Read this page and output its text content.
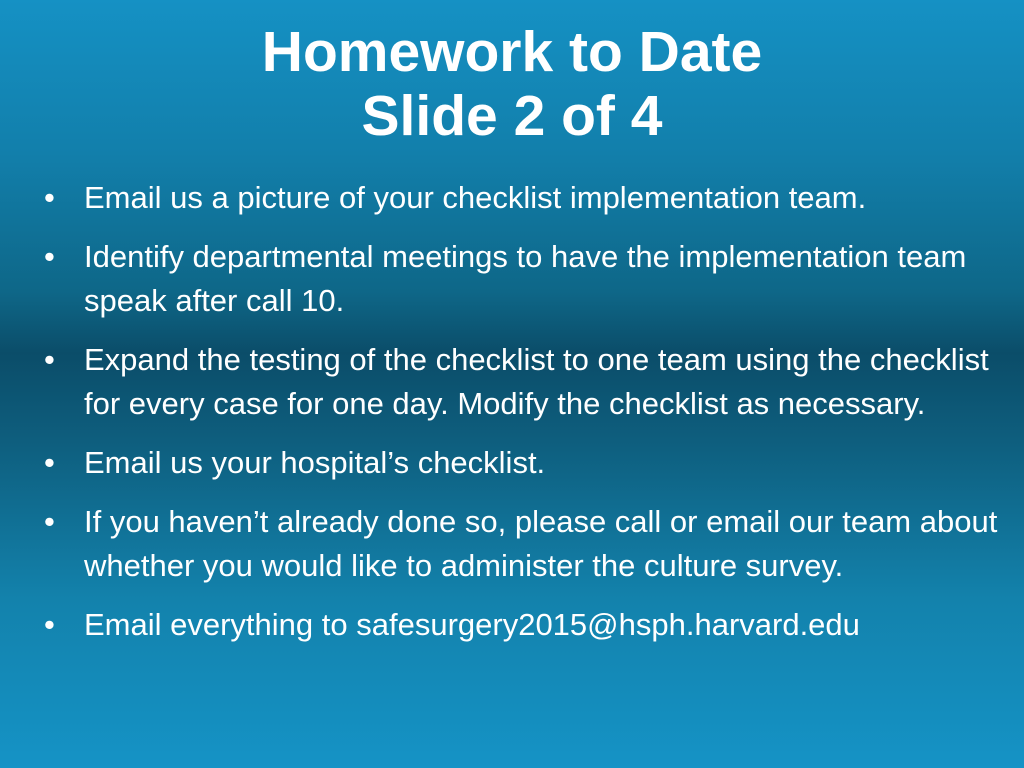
Homework to Date
Slide 2 of 4
• Email us a picture of your checklist implementation team.
• Identify departmental meetings to have the implementation team speak after call 10.
• Expand the testing of the checklist to one team using the checklist for every case for one day. Modify the checklist as necessary.
• Email us your hospital’s checklist.
• If you haven’t already done so, please call or email our team about whether you would like to administer the culture survey.
• Email everything to safesurgery2015@hsph.harvard.edu
